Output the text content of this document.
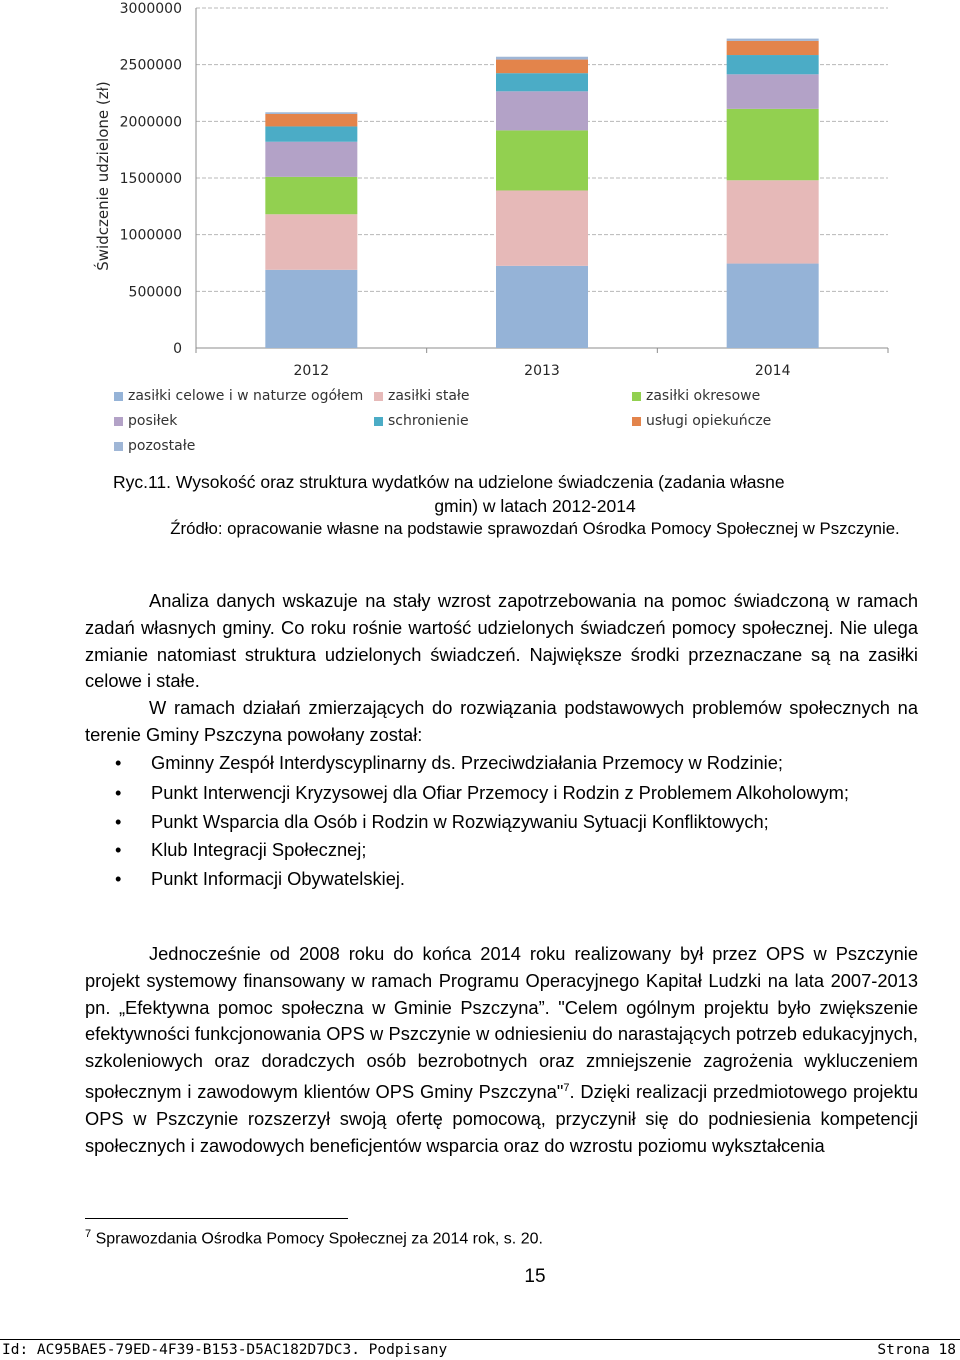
3000000
2500000
2000000
1500000
1000000
500000
0
2012	2013	2014
Świdczenie udzielone (zł)
zasiłki celowe i w naturze ogółem zasiłki stałe	zasiłki okresowe
posiłek	schronienie	usługi opiekuńcze
pozostałe
Ryc.11. Wysokość oraz struktura wydatków na udzielone świadczenia (zadania własne
gmin) w latach 2012-2014
Źródło: opracowanie własne na podstawie sprawozdań Ośrodka Pomocy Społecznej w Pszczynie.
Analiza danych wskazuje na stały wzrost zapotrzebowania na pomoc świadczoną w ramach zadań własnych gminy. Co roku rośnie wartość udzielonych świadczeń pomocy społecznej. Nie ulega zmianie natomiast struktura udzielonych świadczeń. Największe środki przeznaczane są na zasiłki celowe i stałe.
W ramach działań zmierzających do rozwiązania podstawowych problemów społecznych na terenie Gminy Pszczyna powołany został:
• Gminny Zespół Interdyscyplinarny ds. Przeciwdziałania Przemocy w Rodzinie;
• Punkt Interwencji Kryzysowej dla Ofiar Przemocy i Rodzin z Problemem Alkoholowym;
• Punkt Wsparcia dla Osób i Rodzin w Rozwiązywaniu Sytuacji Konfliktowych;
• Klub Integracji Społecznej;
• Punkt Informacji Obywatelskiej.
Jednocześnie od 2008 roku do końca 2014 roku realizowany był przez OPS w Pszczynie projekt systemowy finansowany w ramach Programu Operacyjnego Kapitał Ludzki na lata 2007-2013 pn. „Efektywna pomoc społeczna w Gminie Pszczyna”. "Celem ogólnym projektu było zwiększenie efektywności funkcjonowania OPS w Pszczynie w odniesieniu do narastających potrzeb edukacyjnych, szkoleniowych oraz doradczych osób bezrobotnych oraz zmniejszenie zagrożenia wykluczeniem społecznym i zawodowym klientów OPS Gminy Pszczyna"$^7$. Dzięki realizacji przedmiotowego projektu OPS w Pszczynie rozszerzył swoją ofertę pomocową, przyczynił się do podniesienia kompetencji społecznych i zawodowych beneficjentów wsparcia oraz do wzrostu poziomu wykształcenia
$^7$ Sprawozdania Ośrodka Pomocy Społecznej za 2014 rok, s. 20.
15
Id: AC95BAE5-79ED-4F39-B153-D5AC182D7DC3. Podpisany	Strona 18
